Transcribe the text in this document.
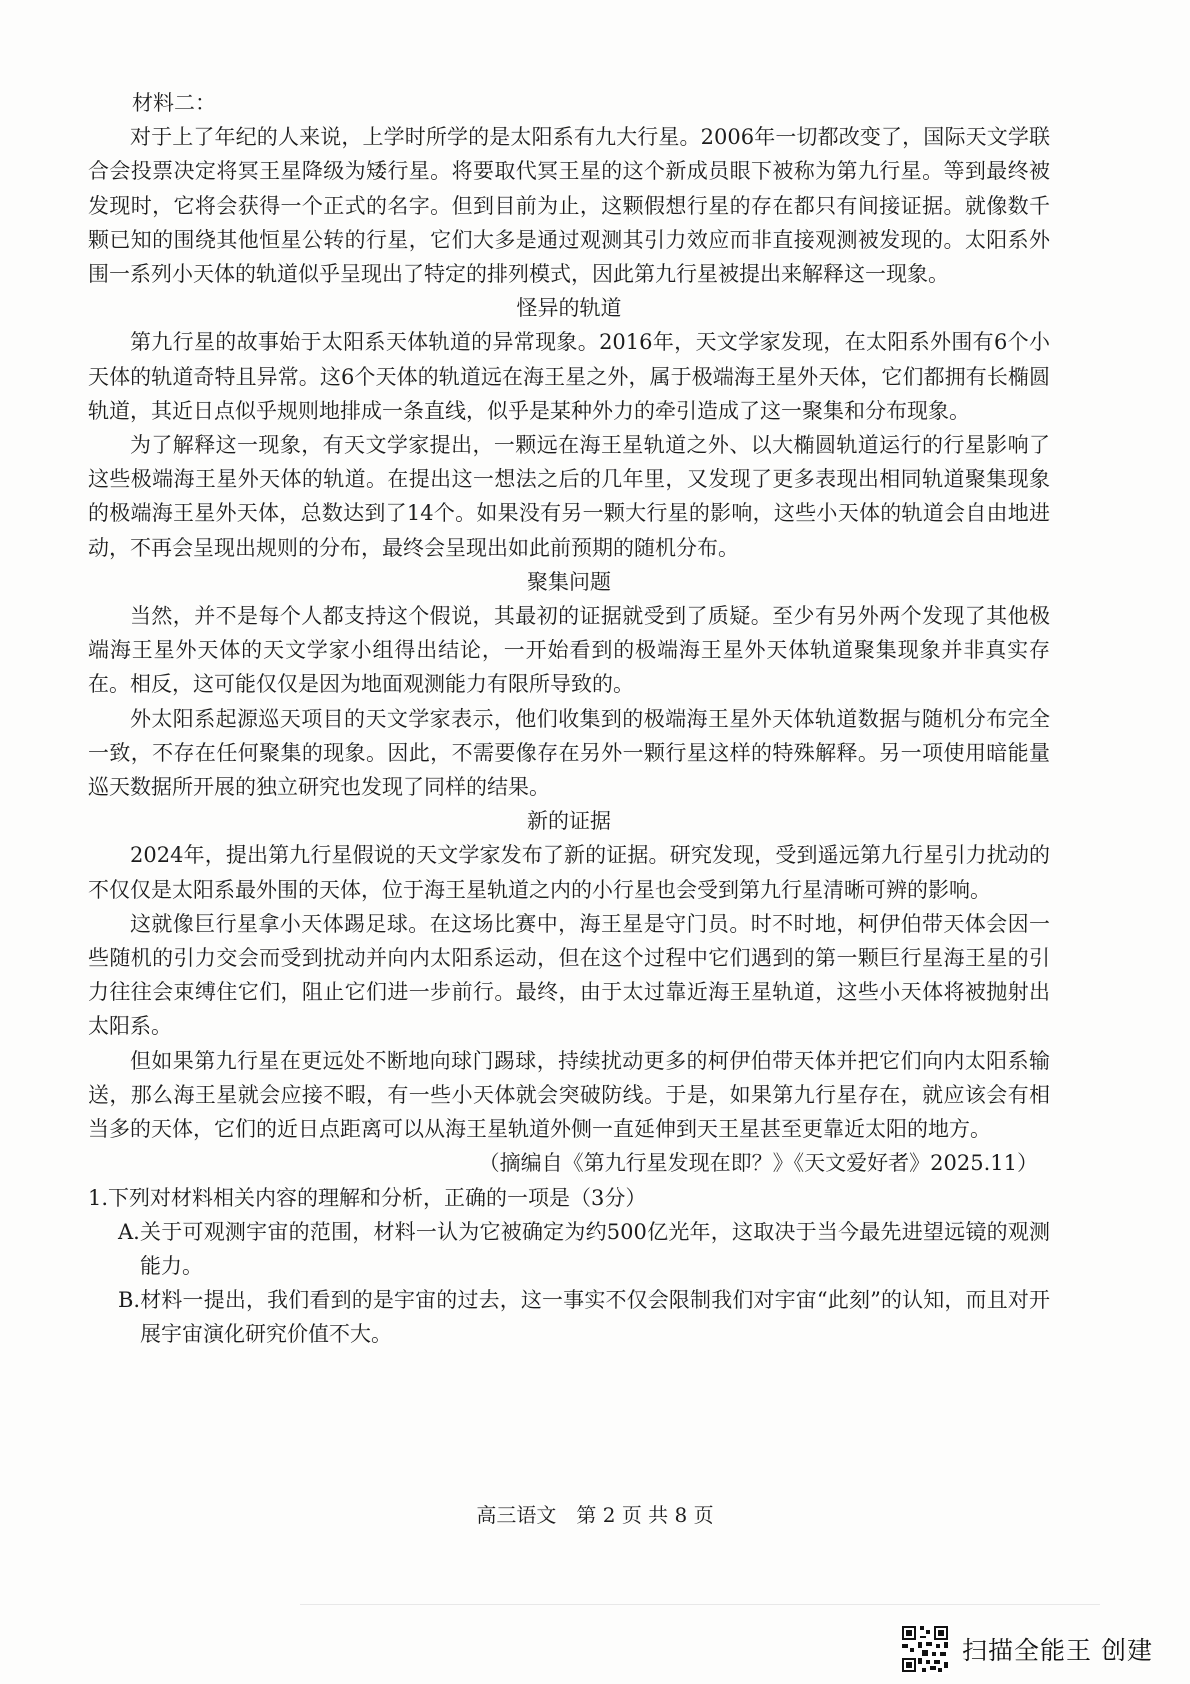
材料二：

对于上了年纪的人来说，上学时所学的是太阳系有九大行星。2006年一切都改变了，国际天文学联合会投票决定将冥王星降级为矮行星。将要取代冥王星的这个新成员眼下被称为第九行星。等到最终被发现时，它将会获得一个正式的名字。但到目前为止，这颗假想行星的存在都只有间接证据。就像数千颗已知的围绕其他恒星公转的行星，它们大多是通过观测其引力效应而非直接观测被发现的。太阳系外围一系列小天体的轨道似乎呈现出了特定的排列模式，因此第九行星被提出来解释这一现象。

怪异的轨道

第九行星的故事始于太阳系天体轨道的异常现象。2016年，天文学家发现，在太阳系外围有6个小天体的轨道奇特且异常。这6个天体的轨道远在海王星之外，属于极端海王星外天体，它们都拥有长椭圆轨道，其近日点似乎规则地排成一条直线，似乎是某种外力的牵引造成了这一聚集和分布现象。

为了解释这一现象，有天文学家提出，一颗远在海王星轨道之外、以大椭圆轨道运行的行星影响了这些极端海王星外天体的轨道。在提出这一想法之后的几年里，又发现了更多表现出相同轨道聚集现象的极端海王星外天体，总数达到了14个。如果没有另一颗大行星的影响，这些小天体的轨道会自由地进动，不再会呈现出规则的分布，最终会呈现出如此前预期的随机分布。

聚集问题

当然，并不是每个人都支持这个假说，其最初的证据就受到了质疑。至少有另外两个发现了其他极端海王星外天体的天文学家小组得出结论，一开始看到的极端海王星外天体轨道聚集现象并非真实存在。相反，这可能仅仅是因为地面观测能力有限所导致的。

外太阳系起源巡天项目的天文学家表示，他们收集到的极端海王星外天体轨道数据与随机分布完全一致，不存在任何聚集的现象。因此，不需要像存在另外一颗行星这样的特殊解释。另一项使用暗能量巡天数据所开展的独立研究也发现了同样的结果。

新的证据

2024年，提出第九行星假说的天文学家发布了新的证据。研究发现，受到遥远第九行星引力扰动的不仅仅是太阳系最外围的天体，位于海王星轨道之内的小行星也会受到第九行星清晰可辨的影响。

这就像巨行星拿小天体踢足球。在这场比赛中，海王星是守门员。时不时地，柯伊伯带天体会因一些随机的引力交会而受到扰动并向内太阳系运动，但在这个过程中它们遇到的第一颗巨行星海王星的引力往往会束缚住它们，阻止它们进一步前行。最终，由于太过靠近海王星轨道，这些小天体将被抛射出太阳系。

但如果第九行星在更远处不断地向球门踢球，持续扰动更多的柯伊伯带天体并把它们向内太阳系输送，那么海王星就会应接不暇，有一些小天体就会突破防线。于是，如果第九行星存在，就应该会有相当多的天体，它们的近日点距离可以从海王星轨道外侧一直延伸到天王星甚至更靠近太阳的地方。

（摘编自《第九行星发现在即？》《天文爱好者》2025.11）

1.下列对材料相关内容的理解和分析，正确的一项是（3分）

A.关于可观测宇宙的范围，材料一认为它被确定为约500亿光年，这取决于当今最先进望远镜的观测能力。

B.材料一提出，我们看到的是宇宙的过去，这一事实不仅会限制我们对宇宙“此刻”的认知，而且对开展宇宙演化研究价值不大。

高三语文　第 2 页 共 8 页
扫描全能王 创建
